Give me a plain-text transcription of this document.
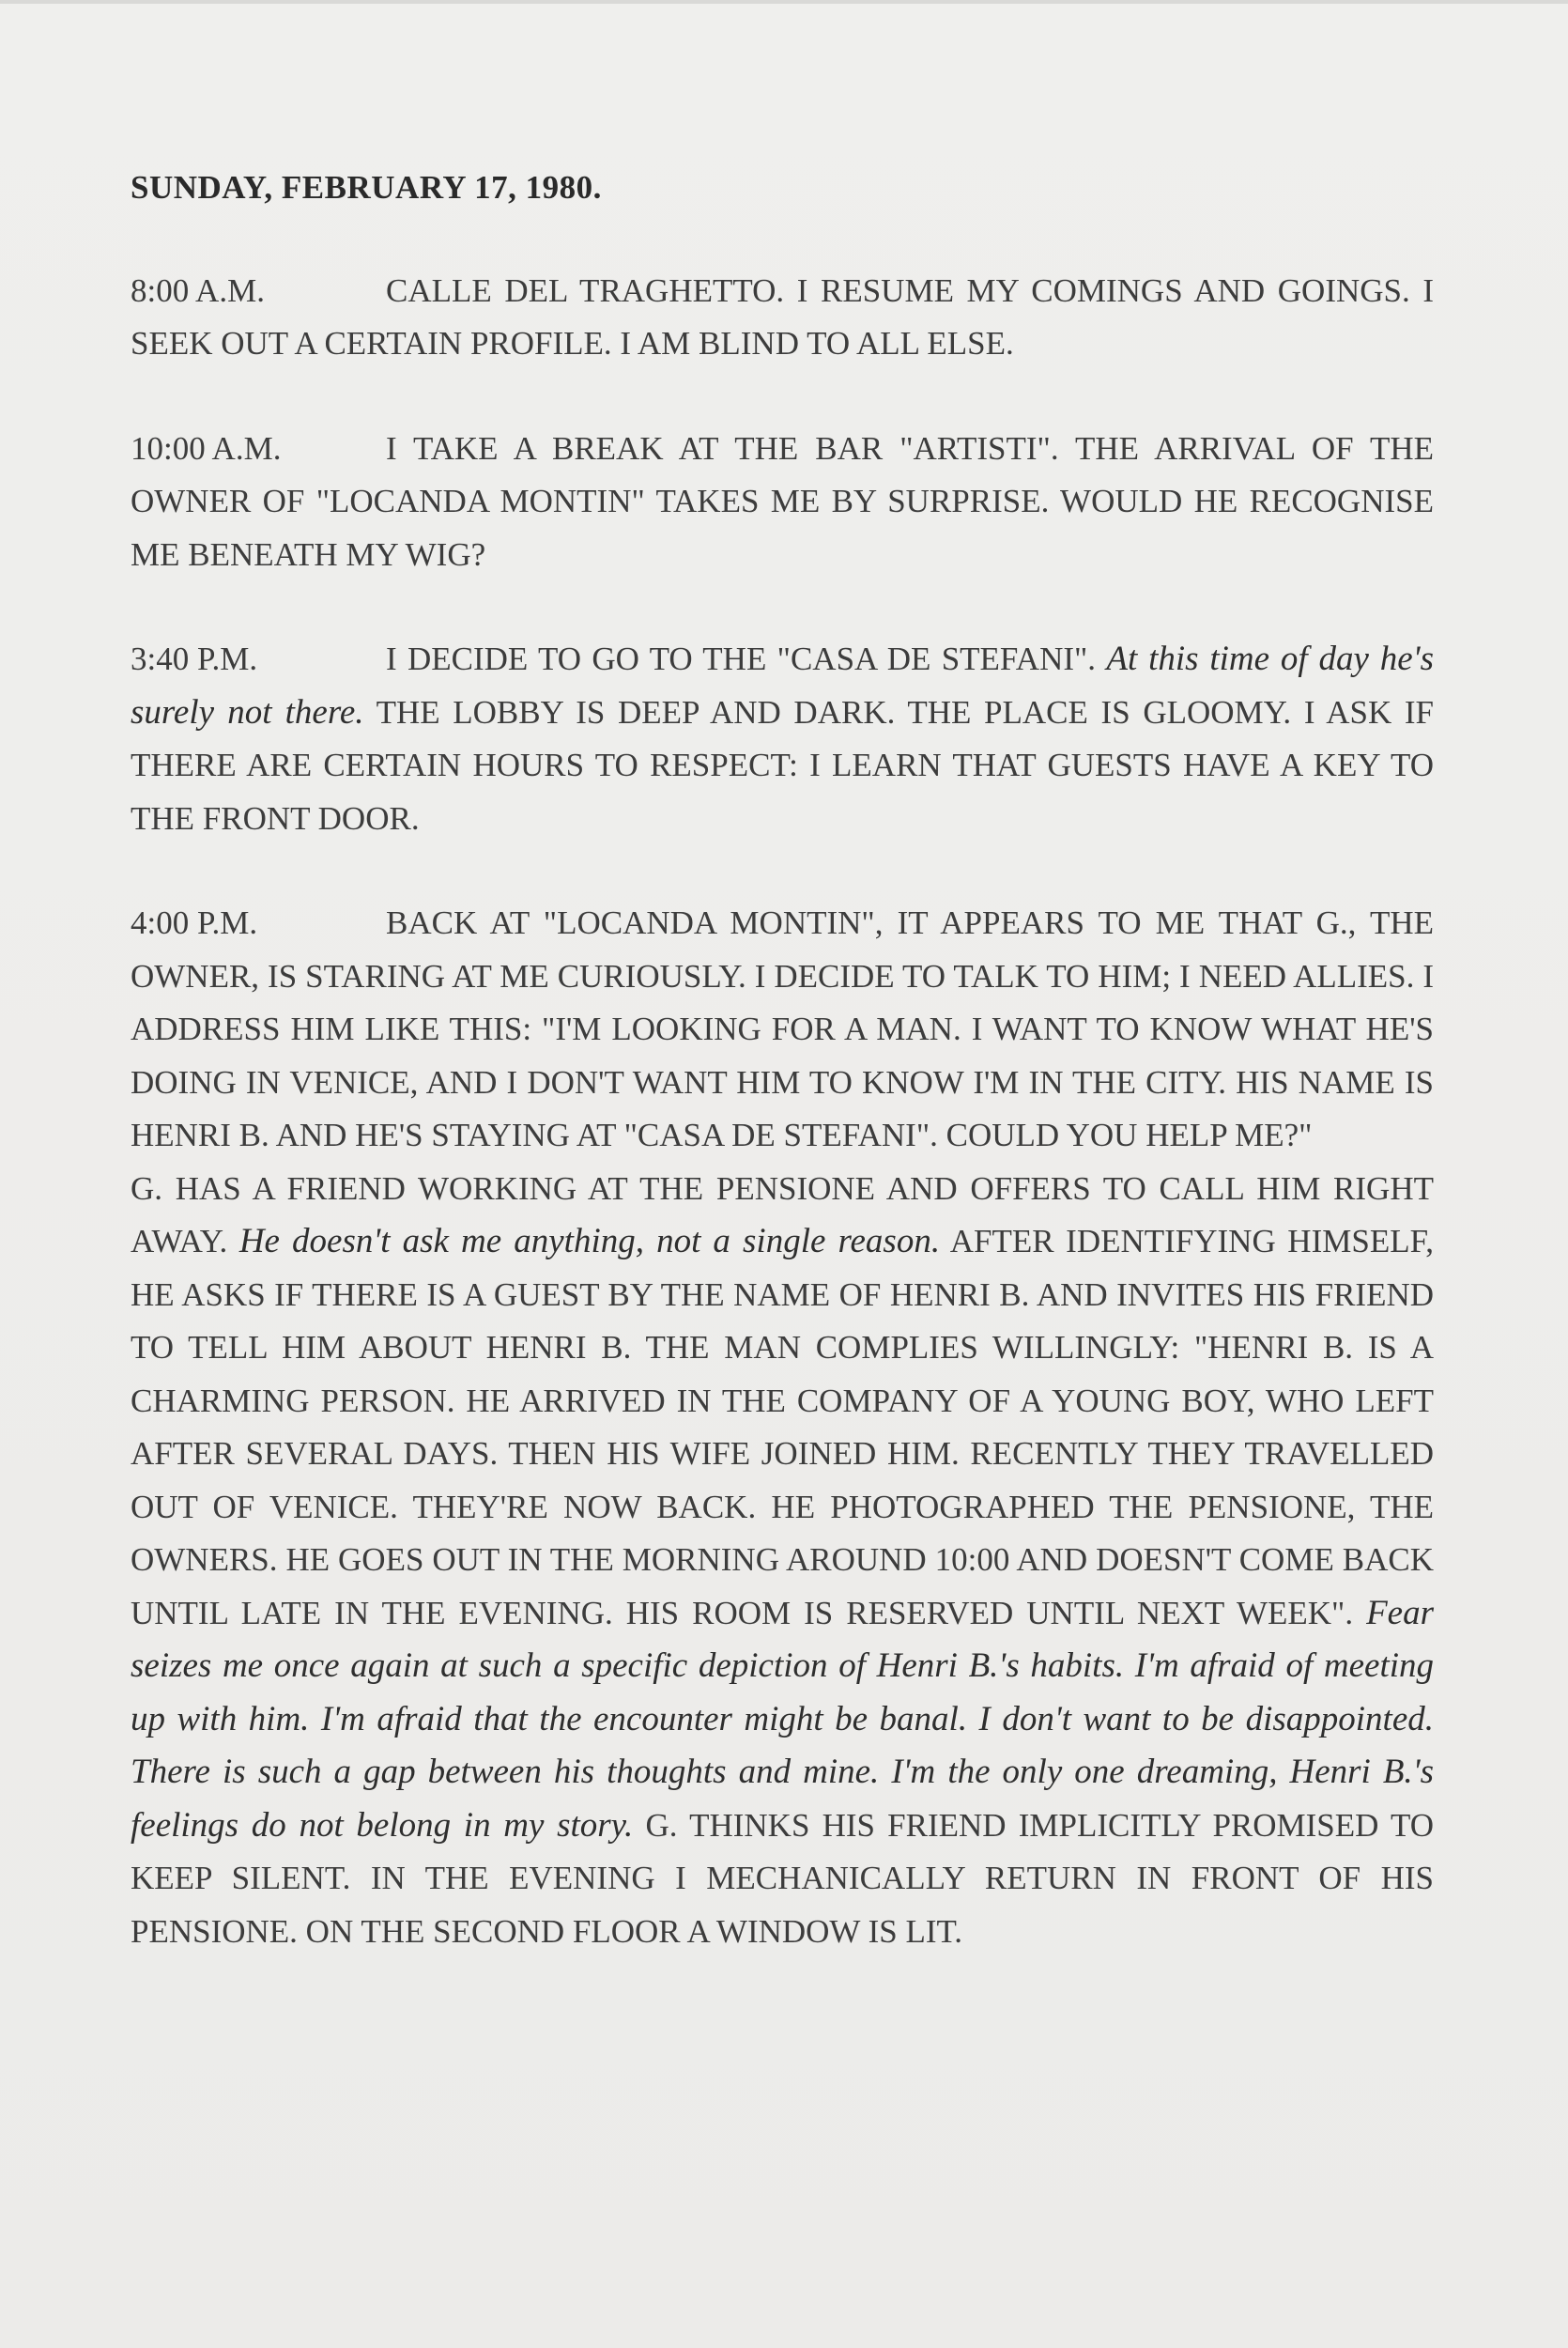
SUNDAY, FEBRUARY 17, 1980.

8:00 A.M.	CALLE DEL TRAGHETTO. I RESUME MY COMINGS AND GOINGS. I SEEK OUT A CERTAIN PROFILE. I AM BLIND TO ALL ELSE.

10:00 A.M.	I TAKE A BREAK AT THE BAR "ARTISTI". THE ARRIVAL OF THE OWNER OF "LOCANDA MONTIN" TAKES ME BY SURPRISE. WOULD HE RECOGNISE ME BENEATH MY WIG?

3:40 P.M.	I DECIDE TO GO TO THE "CASA DE STEFANI". At this time of day he's surely not there. THE LOBBY IS DEEP AND DARK. THE PLACE IS GLOOMY. I ASK IF THERE ARE CERTAIN HOURS TO RESPECT: I LEARN THAT GUESTS HAVE A KEY TO THE FRONT DOOR.

4:00 P.M.	BACK AT "LOCANDA MONTIN", IT APPEARS TO ME THAT G., THE OWNER, IS STARING AT ME CURIOUSLY. I DECIDE TO TALK TO HIM; I NEED ALLIES. I ADDRESS HIM LIKE THIS: "I'M LOOKING FOR A MAN. I WANT TO KNOW WHAT HE'S DOING IN VENICE, AND I DON'T WANT HIM TO KNOW I'M IN THE CITY. HIS NAME IS HENRI B. AND HE'S STAYING AT "CASA DE STEFANI". COULD YOU HELP ME?"

G. HAS A FRIEND WORKING AT THE PENSIONE AND OFFERS TO CALL HIM RIGHT AWAY. He doesn't ask me anything, not a single reason. AFTER IDENTIFYING HIMSELF, HE ASKS IF THERE IS A GUEST BY THE NAME OF HENRI B. AND INVITES HIS FRIEND TO TELL HIM ABOUT HENRI B. THE MAN COMPLIES WILLINGLY: "HENRI B. IS A CHARMING PERSON. HE ARRIVED IN THE COMPANY OF A YOUNG BOY, WHO LEFT AFTER SEVERAL DAYS. THEN HIS WIFE JOINED HIM. RECENTLY THEY TRAVELLED OUT OF VENICE. THEY'RE NOW BACK. HE PHOTOGRAPHED THE PENSIONE, THE OWNERS. HE GOES OUT IN THE MORNING AROUND 10:00 AND DOESN'T COME BACK UNTIL LATE IN THE EVENING. HIS ROOM IS RESERVED UNTIL NEXT WEEK". Fear seizes me once again at such a specific depiction of Henri B.'s habits. I'm afraid of meeting up with him. I'm afraid that the encounter might be banal. I don't want to be disappointed. There is such a gap between his thoughts and mine. I'm the only one dreaming, Henri B.'s feelings do not belong in my story. G. THINKS HIS FRIEND IMPLICITLY PROMISED TO KEEP SILENT. IN THE EVENING I MECHANICALLY RETURN IN FRONT OF HIS PENSIONE. ON THE SECOND FLOOR A WINDOW IS LIT.
